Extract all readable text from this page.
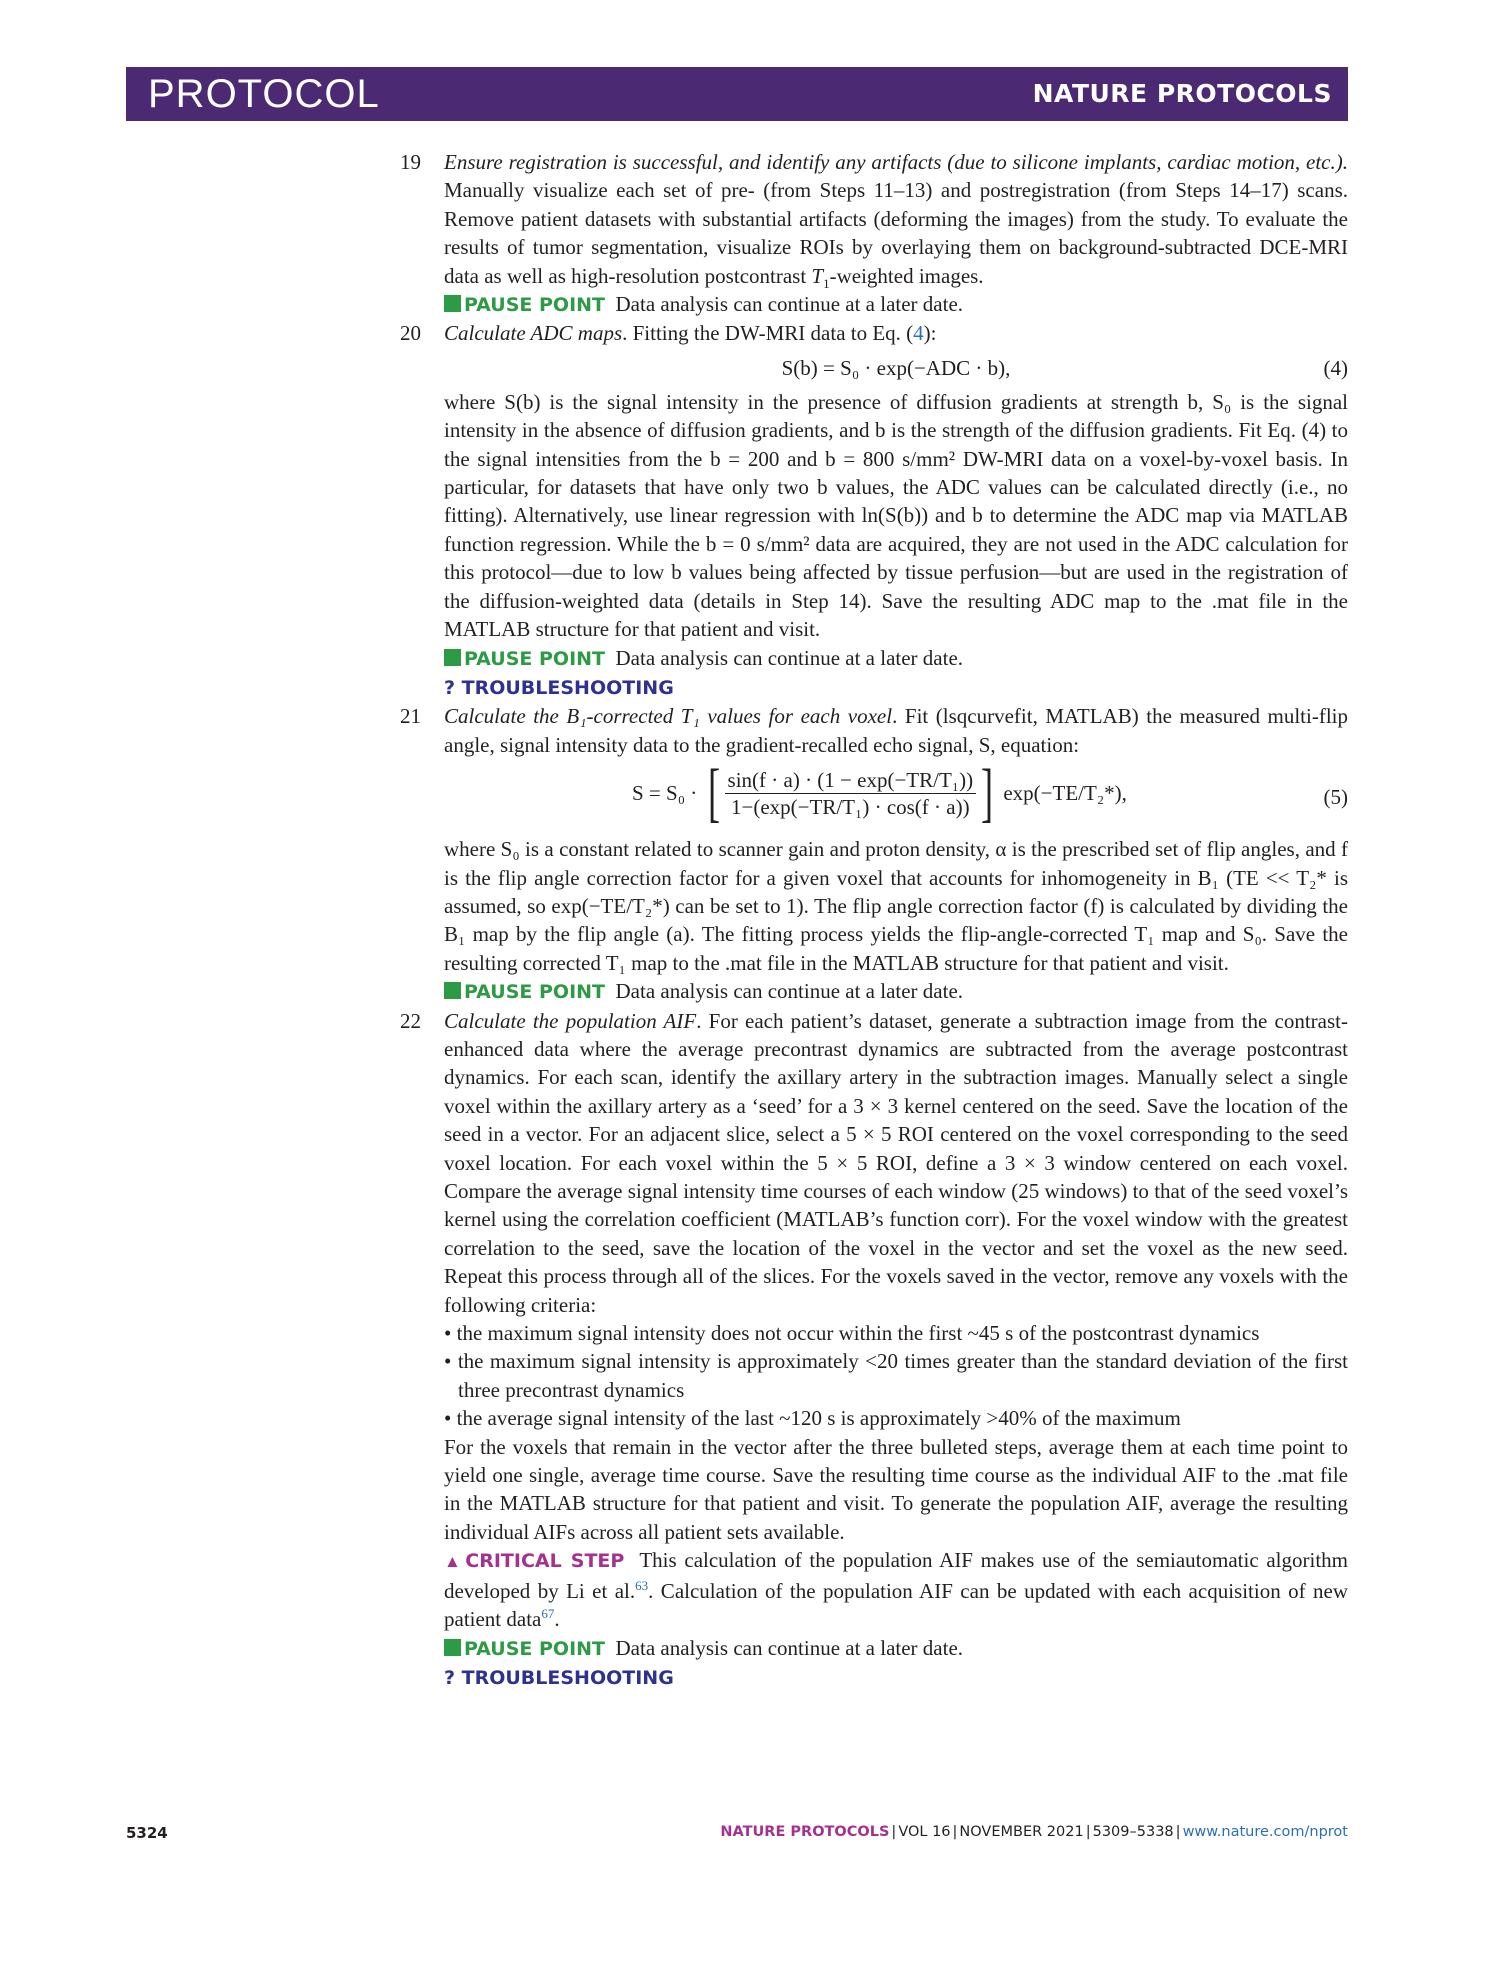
PROTOCOL	NATURE PROTOCOLS
19 Ensure registration is successful, and identify any artifacts (due to silicone implants, cardiac motion, etc.). Manually visualize each set of pre- (from Steps 11–13) and postregistration (from Steps 14–17) scans. Remove patient datasets with substantial artifacts (deforming the images) from the study. To evaluate the results of tumor segmentation, visualize ROIs by overlaying them on background-subtracted DCE-MRI data as well as high-resolution postcontrast $T_1$-weighted images.

PAUSE POINT Data analysis can continue at a later date.

20 Calculate ADC maps. Fitting the DW-MRI data to Eq. (4):

S(b) = S₀ · exp(−ADC · b),	(4)

where S(b) is the signal intensity in the presence of diffusion gradients at strength b, S₀ is the signal intensity in the absence of diffusion gradients, and b is the strength of the diffusion gradients. Fit Eq. (4) to the signal intensities from the b = 200 and b = 800 s/mm² DW-MRI data on a voxel-by-voxel basis. In particular, for datasets that have only two b values, the ADC values can be calculated directly (i.e., no fitting). Alternatively, use linear regression with ln(S(b)) and b to determine the ADC map via MATLAB function regression. While the b = 0 s/mm² data are acquired, they are not used in the ADC calculation for this protocol—due to low b values being affected by tissue perfusion—but are used in the registration of the diffusion-weighted data (details in Step 14). Save the resulting ADC map to the .mat file in the MATLAB structure for that patient and visit.

PAUSE POINT Data analysis can continue at a later date.

? TROUBLESHOOTING

21 Calculate the B₁-corrected T₁ values for each voxel. Fit (lsqcurvefit, MATLAB) the measured multi-flip angle, signal intensity data to the gradient-recalled echo signal, S, equation:

S = S₀ · [ $\frac{\text{sin(f · a) · (1 − exp(−TR/T₁))}}{\text{1−(exp(−TR/T₁) · cos(f · a))}}$ ] exp(−TE/T₂*),	(5)

where S₀ is a constant related to scanner gain and proton density, α is the prescribed set of flip angles, and f is the flip angle correction factor for a given voxel that accounts for inhomogeneity in B₁ (TE << T₂* is assumed, so exp(−TE/T₂*) can be set to 1). The flip angle correction factor (f) is calculated by dividing the B₁ map by the flip angle (a). The fitting process yields the flip-angle-corrected T₁ map and S₀. Save the resulting corrected T₁ map to the .mat file in the MATLAB structure for that patient and visit.

PAUSE POINT Data analysis can continue at a later date.

22 Calculate the population AIF. For each patient’s dataset, generate a subtraction image from the contrast-enhanced data where the average precontrast dynamics are subtracted from the average postcontrast dynamics. For each scan, identify the axillary artery in the subtraction images. Manually select a single voxel within the axillary artery as a ‘seed’ for a 3 × 3 kernel centered on the seed. Save the location of the seed in a vector. For an adjacent slice, select a 5 × 5 ROI centered on the voxel corresponding to the seed voxel location. For each voxel within the 5 × 5 ROI, define a 3 × 3 window centered on each voxel. Compare the average signal intensity time courses of each window (25 windows) to that of the seed voxel’s kernel using the correlation coefficient (MATLAB’s function corr). For the voxel window with the greatest correlation to the seed, save the location of the voxel in the vector and set the voxel as the new seed. Repeat this process through all of the slices. For the voxels saved in the vector, remove any voxels with the following criteria:

• the maximum signal intensity does not occur within the first ~45 s of the postcontrast dynamics

• the maximum signal intensity is approximately <20 times greater than the standard deviation of the first three precontrast dynamics

• the average signal intensity of the last ~120 s is approximately >40% of the maximum

For the voxels that remain in the vector after the three bulleted steps, average them at each time point to yield one single, average time course. Save the resulting time course as the individual AIF to the .mat file in the MATLAB structure for that patient and visit. To generate the population AIF, average the resulting individual AIFs across all patient sets available.

▲ CRITICAL STEP This calculation of the population AIF makes use of the semiautomatic algorithm developed by Li et al.$^{63}$. Calculation of the population AIF can be updated with each acquisition of new patient data$^{67}$.

PAUSE POINT Data analysis can continue at a later date.

? TROUBLESHOOTING

5324	NATURE PROTOCOLS | VOL 16 | NOVEMBER 2021 | 5309–5338 | www.nature.com/nprot
